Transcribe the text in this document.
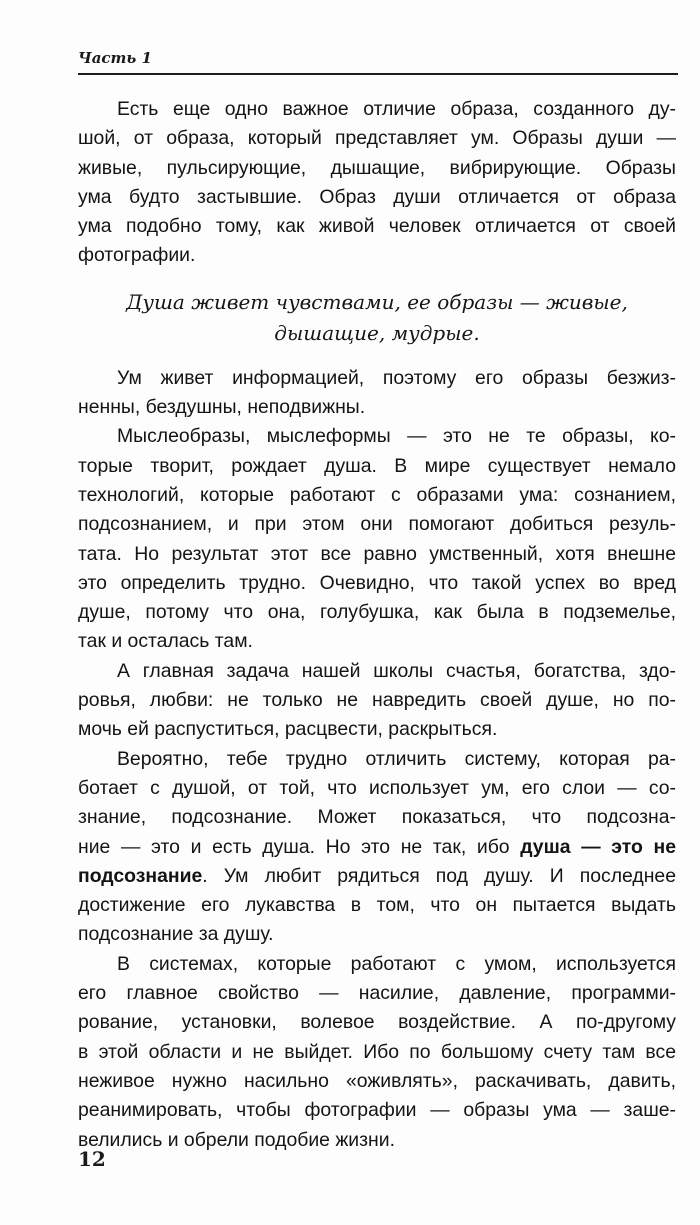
Часть 1
Есть еще одно важное отличие образа, созданного ду-
шой, от образа, который представляет ум. Образы души —
живые, пульсирующие, дышащие, вибрирующие. Образы
ума будто застывшие. Образ души отличается от образа
ума подобно тому, как живой человек отличается от своей
фотографии.
Душа живет чувствами, ее образы — живые,
дышащие, мудрые.
Ум живет информацией, поэтому его образы безжиз-
ненны, бездушны, неподвижны.
Мыслеобразы, мыслеформы — это не те образы, ко-
торые творит, рождает душа. В мире существует немало
технологий, которые работают с образами ума: сознанием,
подсознанием, и при этом они помогают добиться резуль-
тата. Но результат этот все равно умственный, хотя внешне
это определить трудно. Очевидно, что такой успех во вред
душе, потому что она, голубушка, как была в подземелье,
так и осталась там.
А главная задача нашей школы счастья, богатства, здо-
ровья, любви: не только не навредить своей душе, но по-
мочь ей распуститься, расцвести, раскрыться.
Вероятно, тебе трудно отличить систему, которая ра-
ботает с душой, от той, что использует ум, его слои — со-
знание, подсознание. Может показаться, что подсозна-
ние — это и есть душа. Но это не так, ибо душа — это не
подсознание. Ум любит рядиться под душу. И последнее
достижение его лукавства в том, что он пытается выдать
подсознание за душу.
В системах, которые работают с умом, используется
его главное свойство — насилие, давление, программи-
рование, установки, волевое воздействие. А по-другому
в этой области и не выйдет. Ибо по большому счету там все
неживое нужно насильно «оживлять», раскачивать, давить,
реанимировать, чтобы фотографии — образы ума — заше-
велились и обрели подобие жизни.
12
